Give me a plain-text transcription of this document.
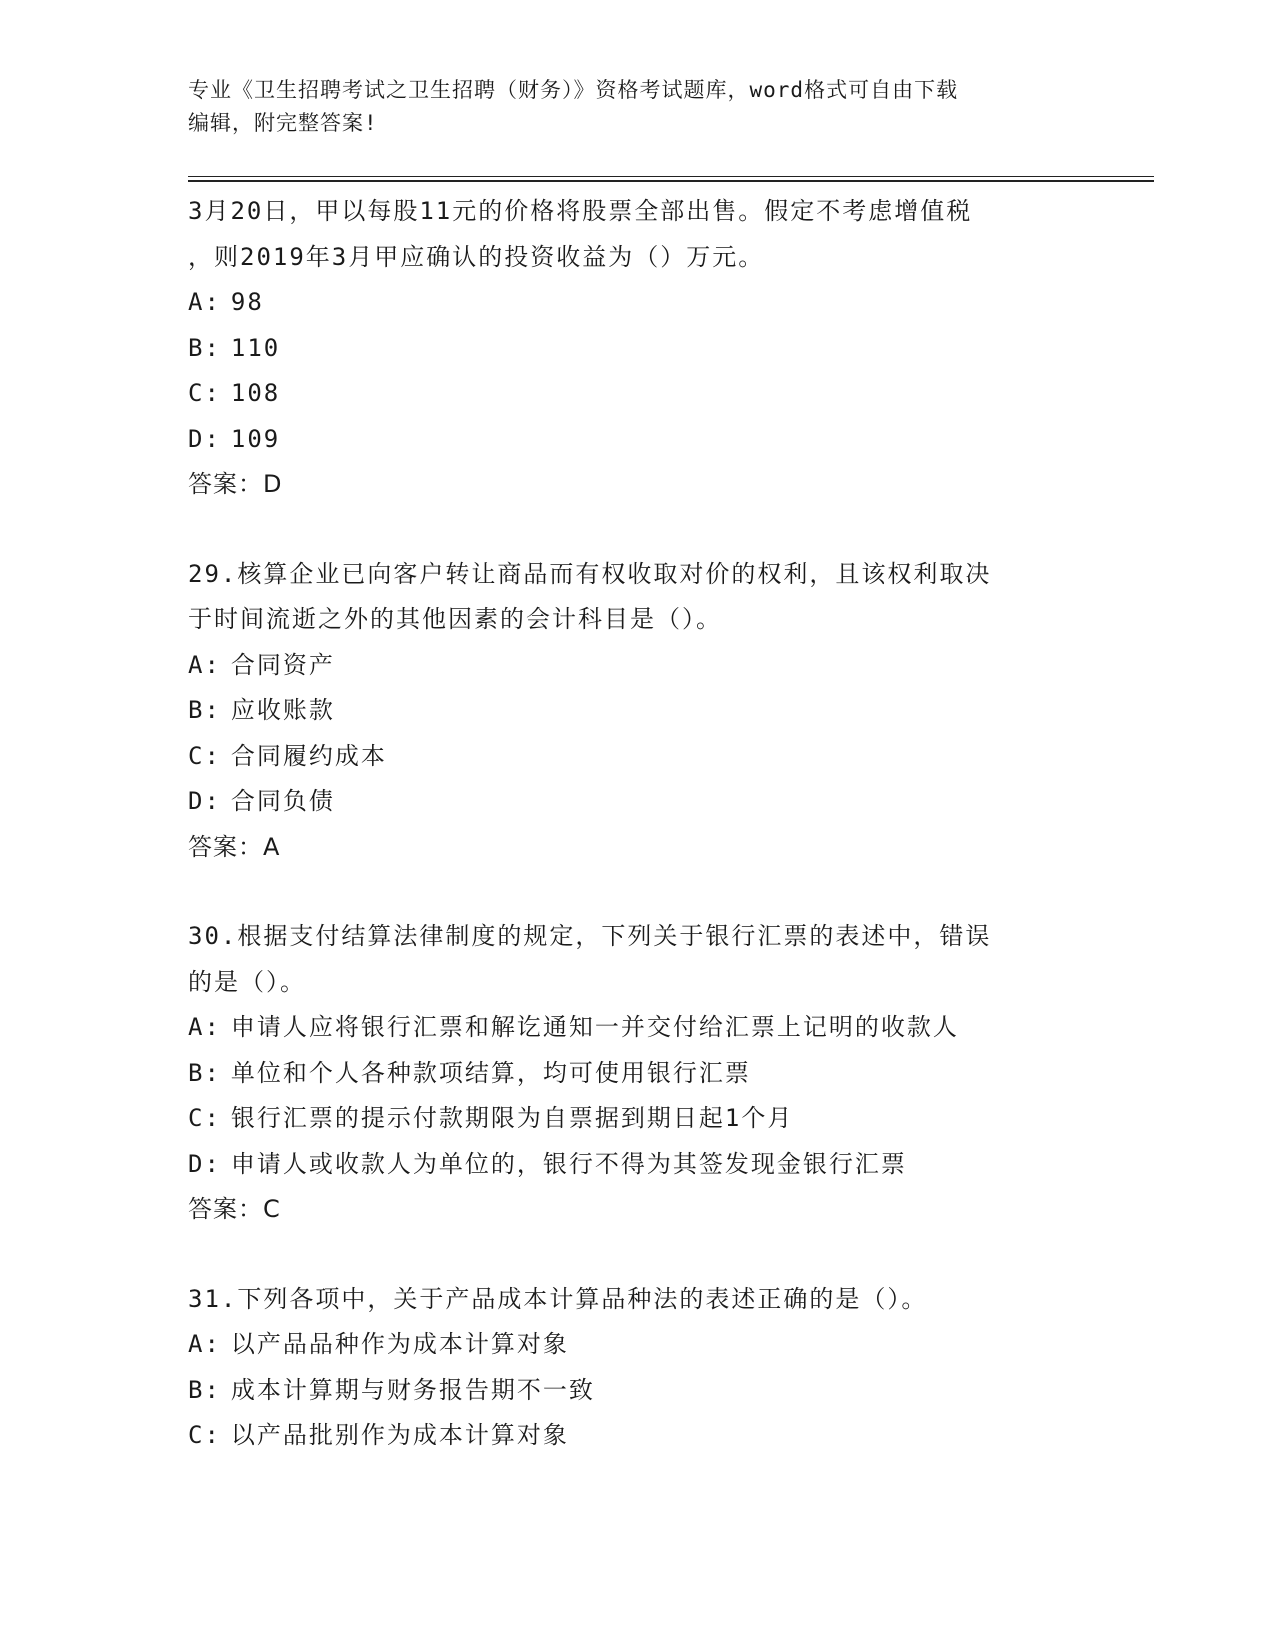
专业《卫生招聘考试之卫生招聘（财务）》资格考试题库，word格式可自由下载
编辑，附完整答案!
3月20日，甲以每股11元的价格将股票全部出售。假定不考虑增值税
，则2019年3月甲应确认的投资收益为（）万元。
A: 98
B: 110
C: 108
D: 109
答案：D
29.核算企业已向客户转让商品而有权收取对价的权利，且该权利取决
于时间流逝之外的其他因素的会计科目是（）。
A: 合同资产
B: 应收账款
C: 合同履约成本
D: 合同负债
答案：A
30.根据支付结算法律制度的规定，下列关于银行汇票的表述中，错误
的是（）。
A: 申请人应将银行汇票和解讫通知一并交付给汇票上记明的收款人
B: 单位和个人各种款项结算，均可使用银行汇票
C: 银行汇票的提示付款期限为自票据到期日起1个月
D: 申请人或收款人为单位的，银行不得为其签发现金银行汇票
答案：C
31.下列各项中，关于产品成本计算品种法的表述正确的是（）。
A: 以产品品种作为成本计算对象
B: 成本计算期与财务报告期不一致
C: 以产品批别作为成本计算对象
